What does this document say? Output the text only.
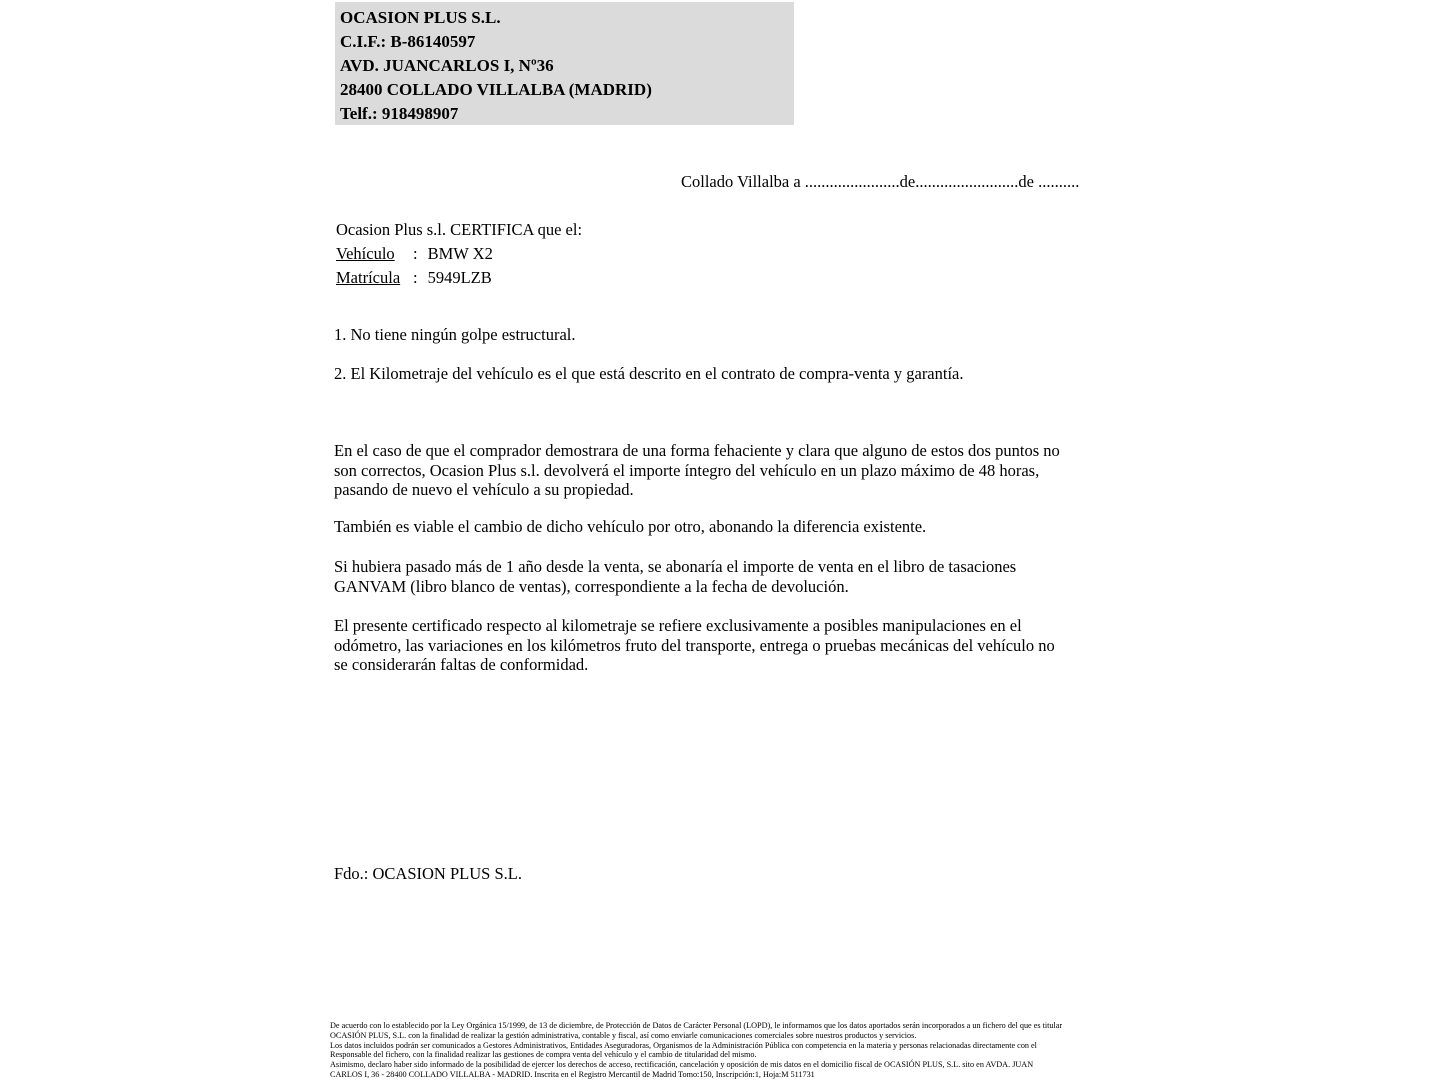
OCASION PLUS S.L.
C.I.F.: B-86140597
AVD. JUANCARLOS I, Nº36
28400 COLLADO VILLALBA (MADRID)
Telf.: 918498907
Collado Villalba a .......................de.........................de ..........
Ocasion Plus s.l. CERTIFICA que el:
Vehículo : BMW X2
Matrícula : 5949LZB
1. No tiene ningún golpe estructural.
2. El Kilometraje del vehículo es el que está descrito en el contrato de compra-venta y garantía.
En el caso de que el comprador demostrara de una forma fehaciente y clara que alguno de estos dos puntos no
son correctos, Ocasion Plus s.l. devolverá el importe íntegro del vehículo en un plazo máximo de 48 horas,
pasando de nuevo el vehículo a su propiedad.
También es viable el cambio de dicho vehículo por otro, abonando la diferencia existente.
Si hubiera pasado más de 1 año desde la venta, se abonaría el importe de venta en el libro de tasaciones
GANVAM (libro blanco de ventas), correspondiente a la fecha de devolución.
El presente certificado respecto al kilometraje se refiere exclusivamente a posibles manipulaciones en el
odómetro, las variaciones en los kilómetros fruto del transporte, entrega o pruebas mecánicas del vehículo no
se considerarán faltas de conformidad.
Fdo.: OCASION PLUS S.L.
De acuerdo con lo establecido por la Ley Orgánica 15/1999, de 13 de diciembre, de Protección de Datos de Carácter Personal (LOPD), le informamos que los datos aportados serán incorporados a un fichero del que es titular
OCASIÓN PLUS, S.L. con la finalidad de realizar la gestión administrativa, contable y fiscal, así como enviarle comunicaciones comerciales sobre nuestros productos y servicios.
Los datos incluidos podrán ser comunicados a Gestores Administrativos, Entidades Aseguradoras, Organismos de la Administración Pública con competencia en la materia y personas relacionadas directamente con el
Responsable del fichero, con la finalidad realizar las gestiones de compra venta del vehículo y el cambio de titularidad del mismo.
Asimismo, declaro haber sido informado de la posibilidad de ejercer los derechos de acceso, rectificación, cancelación y oposición de mis datos en el domicilio fiscal de OCASIÓN PLUS, S.L. sito en AVDA. JUAN
CARLOS I, 36 - 28400 COLLADO VILLALBA - MADRID. Inscrita en el Registro Mercantil de Madrid Tomo:150, Inscripción:1, Hoja:M 511731
